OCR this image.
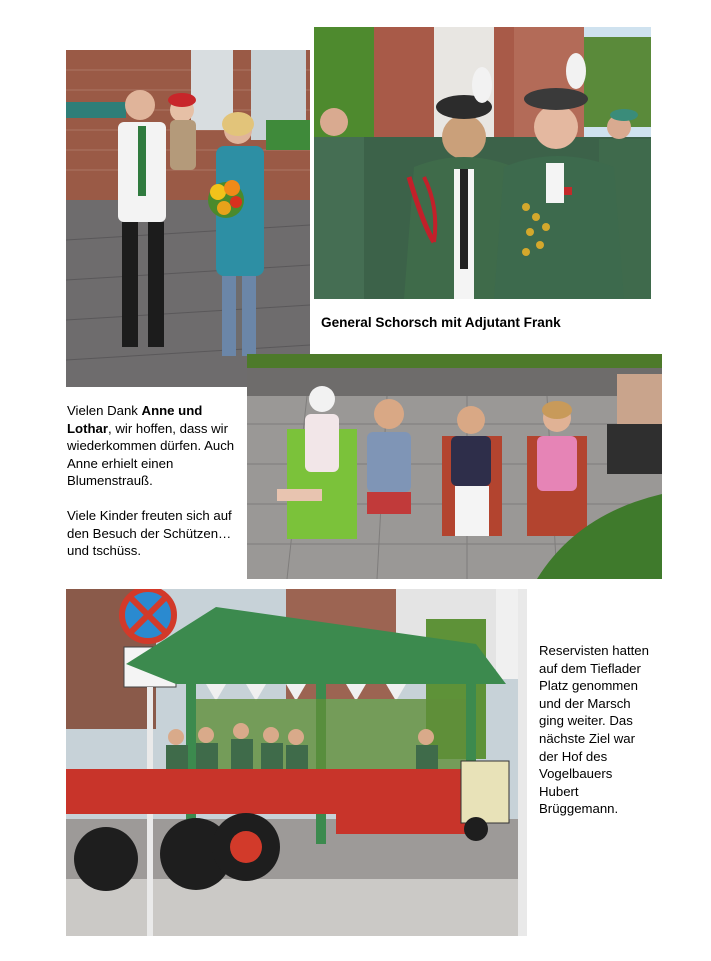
General Schorsch mit Adjutant Frank

Vielen Dank Anne und Lothar, wir hoffen, dass wir wiederkommen dürfen. Auch Anne erhielt einen Blumenstrauß.

Viele Kinder freuten sich auf den Besuch der Schützen…und tschüss.

Reservisten hatten auf dem Tieflader Platz genommen und der Marsch ging weiter. Das nächste Ziel war der Hof des Vogelbauers Hubert Brüggemann.
